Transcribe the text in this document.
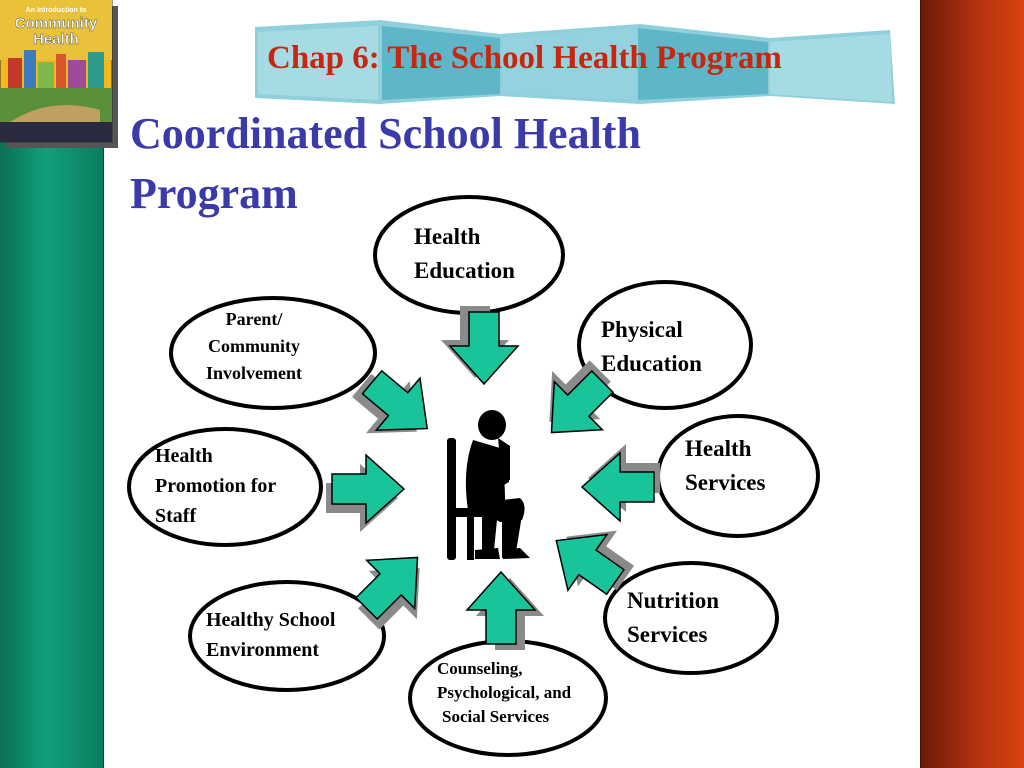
Chap 6: The School Health Program
An Introduction to
Community
Health
Coordinated School Health
Program
Health
Education
Physical
Education
Health
Services
Nutrition
Services
Counseling,
Psychological, and
Social Services
Healthy School
Environment
Health
Promotion for
Staff
Parent/
Community
Involvement
